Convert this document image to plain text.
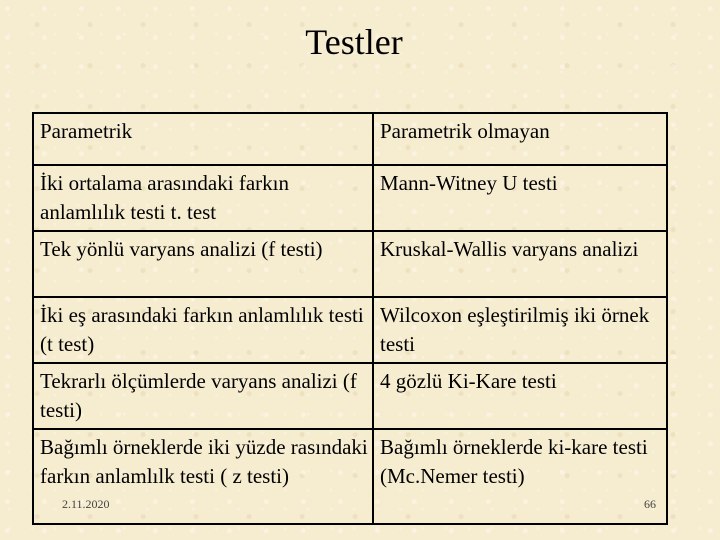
Testler
Parametrik	Parametrik olmayan
İki ortalama arasındaki farkın anlamlılık testi t. test	Mann-Witney U testi
Tek yönlü varyans analizi (f testi)	Kruskal-Wallis varyans analizi
İki eş arasındaki farkın anlamlılık testi (t test)	Wilcoxon eşleştirilmiş iki örnek testi
Tekrarlı ölçümlerde varyans analizi (f testi)	4 gözlü Ki-Kare testi
Bağımlı örneklerde iki yüzde rasındaki farkın anlamlılk testi ( z testi)	Bağımlı örneklerde ki-kare testi (Mc.Nemer testi)
2.11.2020	66
